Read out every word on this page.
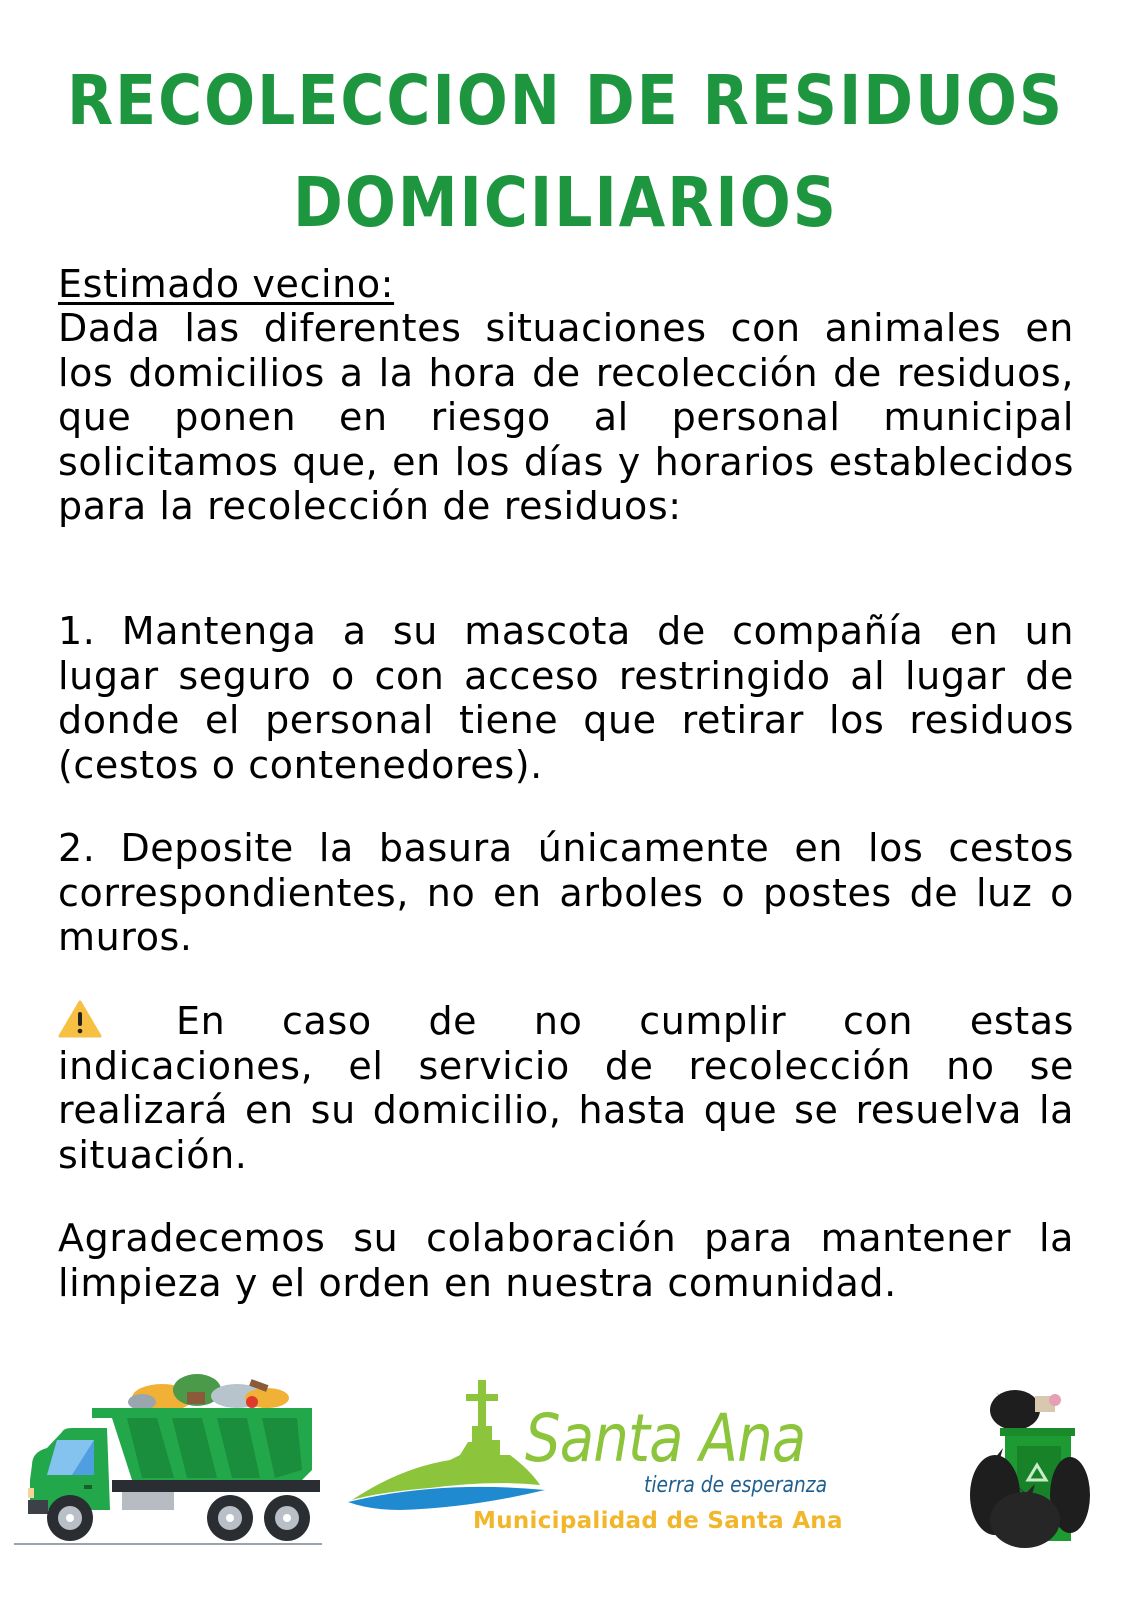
RECOLECCION DE RESIDUOS
DOMICILIARIOS
Estimado vecino:

Dada las diferentes situaciones con animales en los domicilios a la hora de recolección de residuos, que ponen en riesgo al personal municipal solicitamos que, en los días y horarios establecidos para la recolección de residuos:

1. Mantenga a su mascota de compañía en un lugar seguro o con acceso restringido al lugar de donde el personal tiene que retirar los residuos (cestos o contenedores).

2. Deposite la basura únicamente en los cestos correspondientes, no en arboles o postes de luz o muros.

En caso de no cumplir con estas indicaciones, el servicio de recolección no se realizará en su domicilio, hasta que se resuelva la situación.

Agradecemos su colaboración para mantener la limpieza y el orden en nuestra comunidad.

Santa Ana
tierra de esperanza
Municipalidad de Santa Ana
